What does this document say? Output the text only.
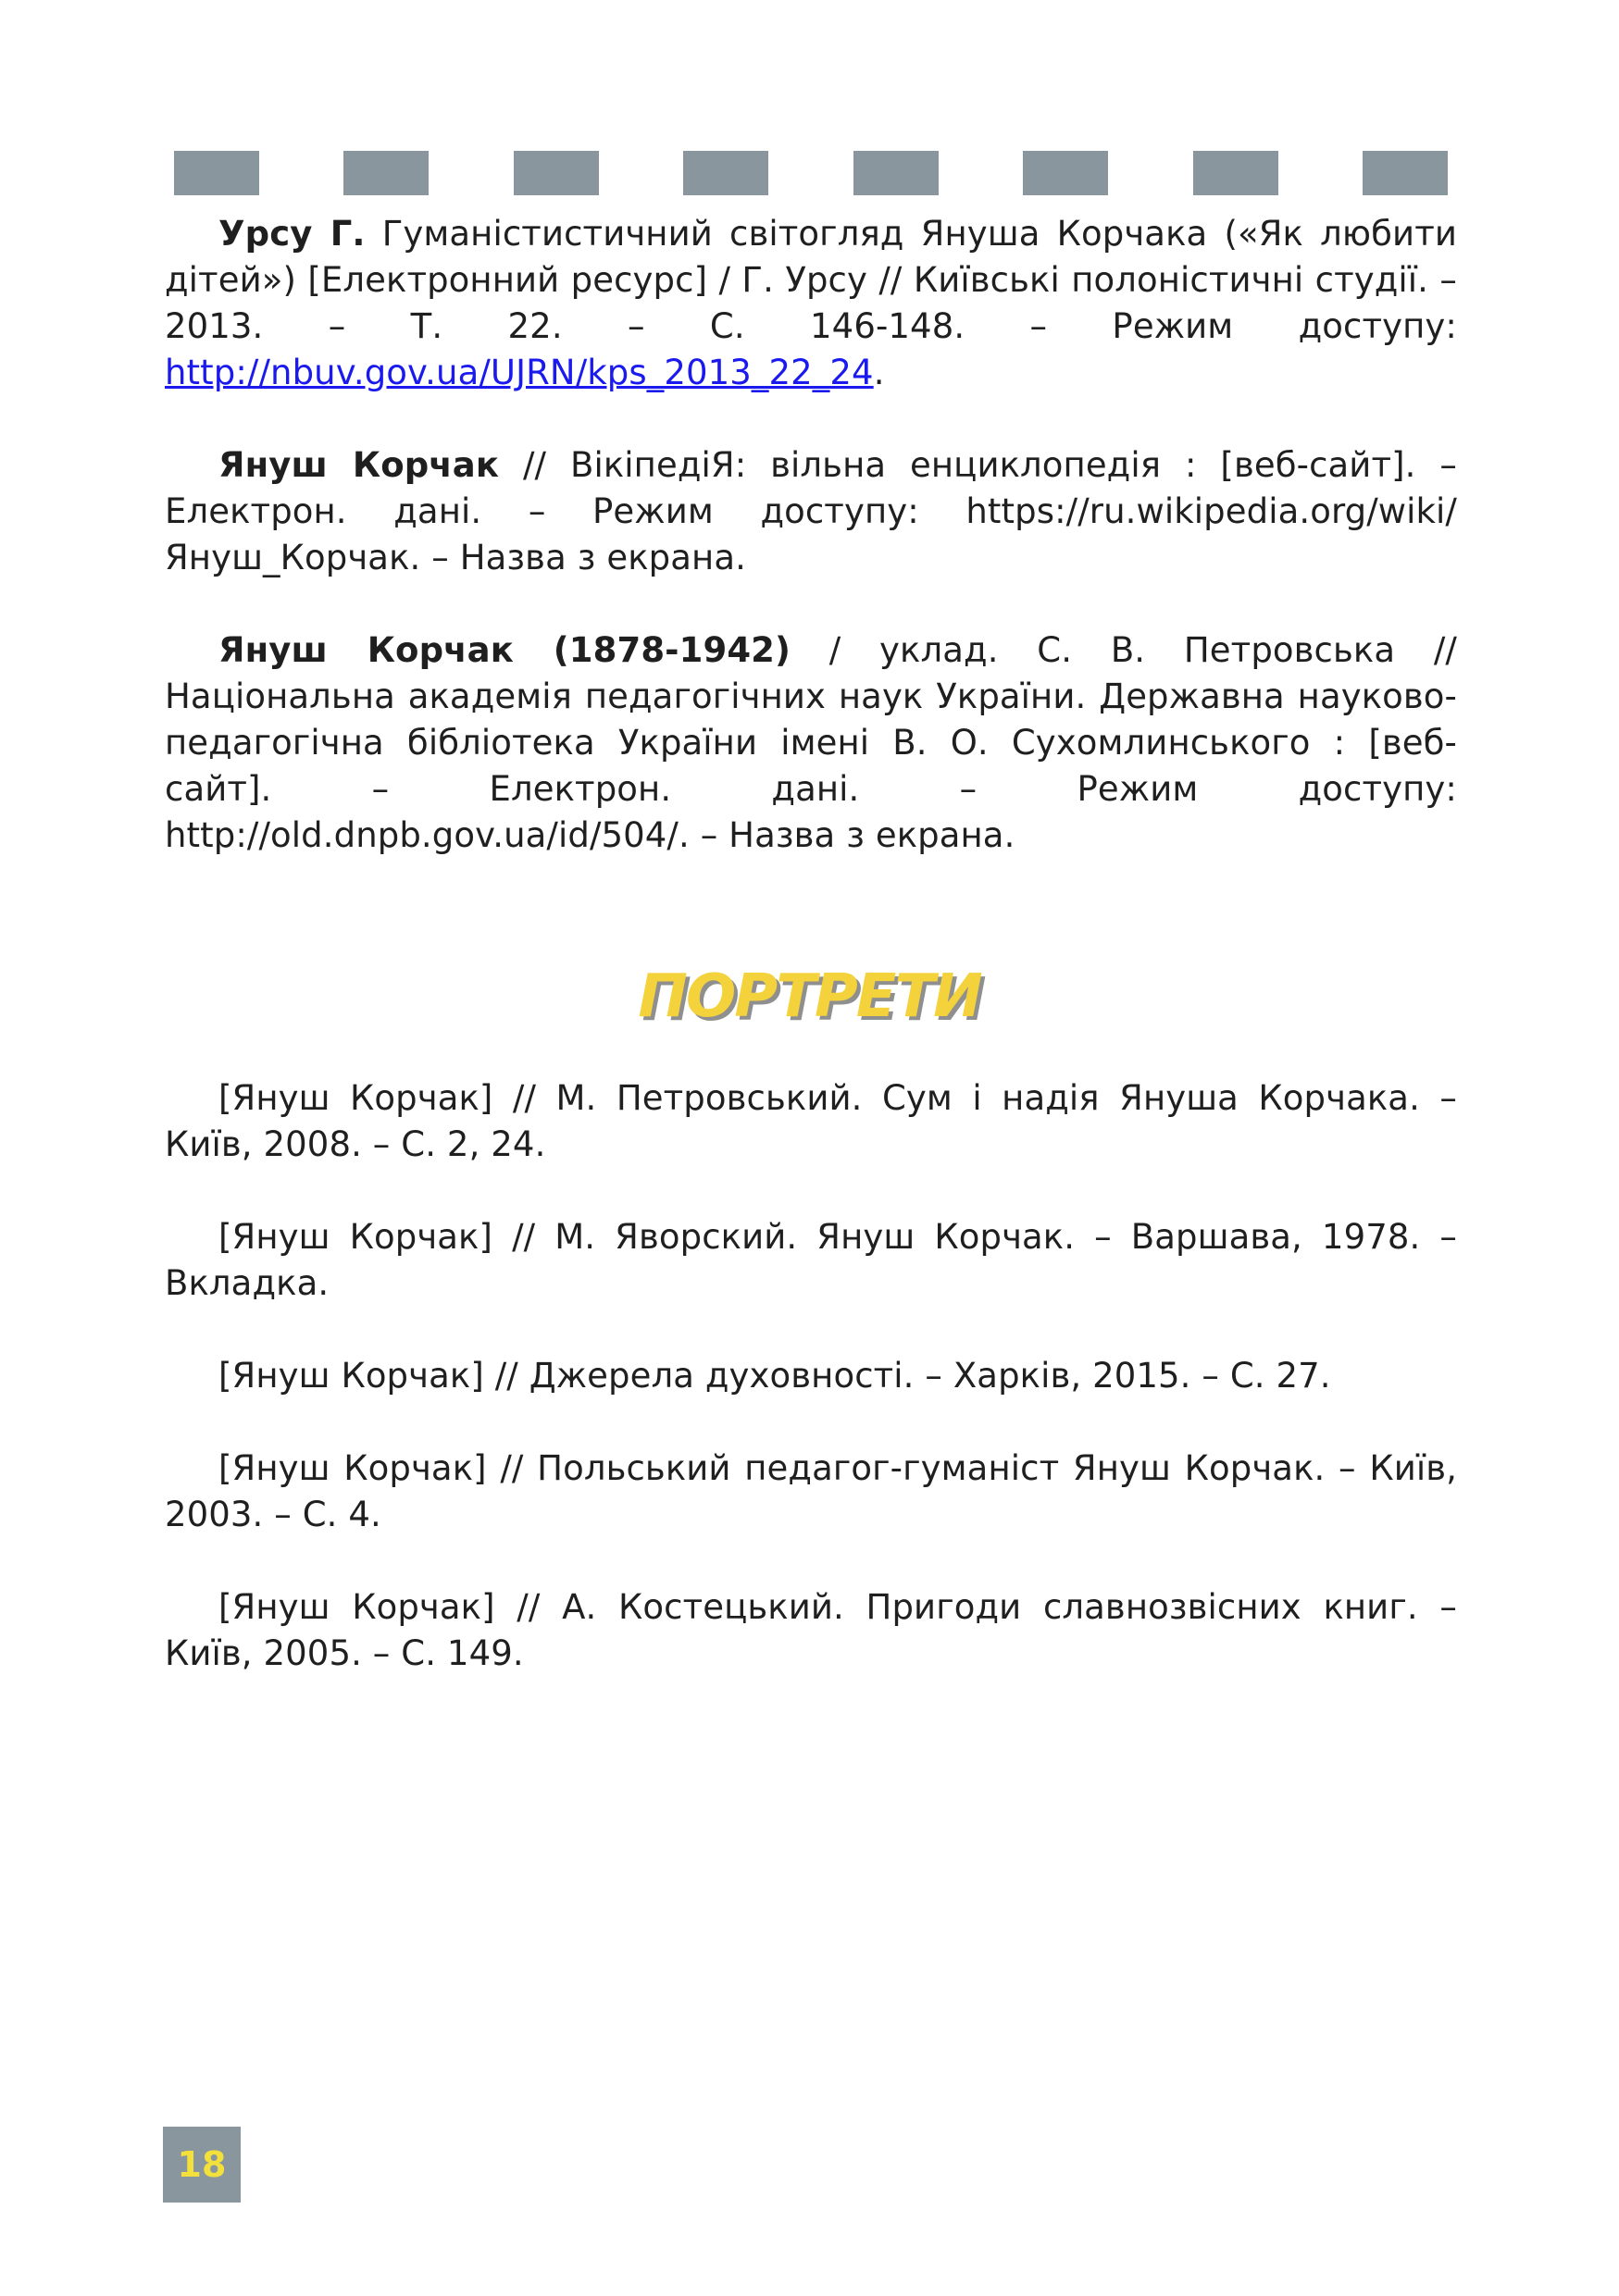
Урсу Г. Гуманістистичний світогляд Януша Корчака («Як любити дітей») [Електронний ресурс] / Г. Урсу // Київські полоністичні студії. – 2013. – Т. 22. – С. 146-148. – Режим доступу: http://nbuv.gov.ua/UJRN/kps_2013_22_24.

Януш Корчак // ВікіпедіЯ: вільна енциклопедія : [веб-сайт]. – Електрон. дані. – Режим доступу: https://ru.wikipedia.org/wiki/Януш_Корчак. – Назва з екрана.

Януш Корчак (1878-1942) / уклад. С. В. Петровська // Національна академія педагогічних наук України. Державна науково-педагогічна бібліотека України імені В. О. Сухомлинського : [веб-сайт]. – Електрон. дані. – Режим доступу: http://old.dnpb.gov.ua/id/504/. – Назва з екрана.

ПОРТРЕТИ

[Януш Корчак] // М. Петровський. Сум і надія Януша Корчака. – Київ, 2008. – С. 2, 24.

[Януш Корчак] // М. Яворский. Януш Корчак. – Варшава, 1978. – Вкладка.

[Януш Корчак] // Джерела духовності. – Харків, 2015. – С. 27.

[Януш Корчак] // Польський педагог-гуманіст Януш Корчак. – Київ, 2003. – С. 4.

[Януш Корчак] // А. Костецький. Пригоди славнозвісних книг. – Київ, 2005. – С. 149.

18
